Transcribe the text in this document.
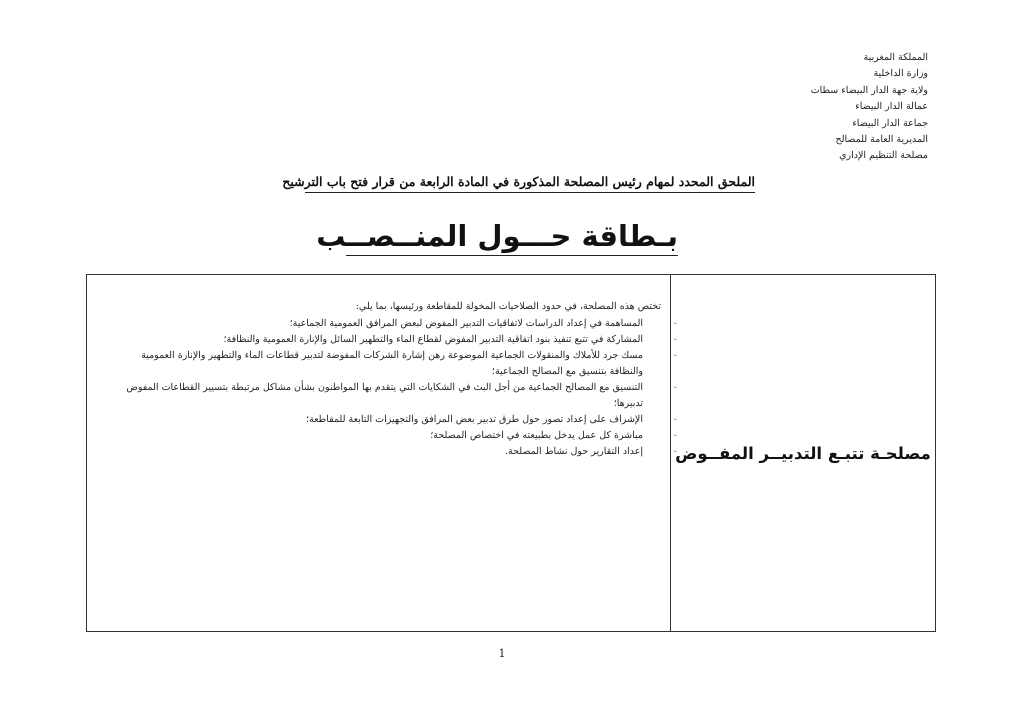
المملكة المغربية
وزارة الداخلية
ولاية جهة الدار البيضاء سطات
عمالة الدار البيضاء
جماعة الدار البيضاء
المديرية العامة للمصالح
مصلحة التنظيم الإداري
الملحق المحدد لمهام رئيس المصلحة المذكورة في المادة الرابعة من قرار فتح باب الترشيح
بـطاقة حـــول المنــصــب
مصلحـة تتبـع التدبيــر المفــوض
تختص هذه المصلحة، في حدود الصلاحيات المخولة للمقاطعة ورئيسها، بما يلي:
- المساهمة في إعداد الدراسات لاتفاقيات التدبير المفوض لبعض المرافق العمومية الجماعية؛
- المشاركة في تتبع تنفيذ بنود اتفاقية التدبير المفوض لقطاع الماء والتطهير السائل والإنارة العمومية والنظافة؛
- مسك جرد للأملاك والمنقولات الجماعية الموضوعة رهن إشارة الشركات المفوضة لتدبير قطاعات الماء والتطهير والإنارة العمومية والنظافة بتنسيق مع المصالح الجماعية؛
- التنسيق مع المصالح الجماعية من أجل البث في الشكايات التي يتقدم بها المواطنون بشأن مشاكل مرتبطة بتسيير القطاعات المفوض تدبيرها؛
- الإشراف على إعداد تصور حول طرق تدبير بعض المرافق والتجهيزات التابعة للمقاطعة؛
- مباشرة كل عمل يدخل بطبيعته في اختصاص المصلحة؛
- إعداد التقارير حول نشاط المصلحة.
1
